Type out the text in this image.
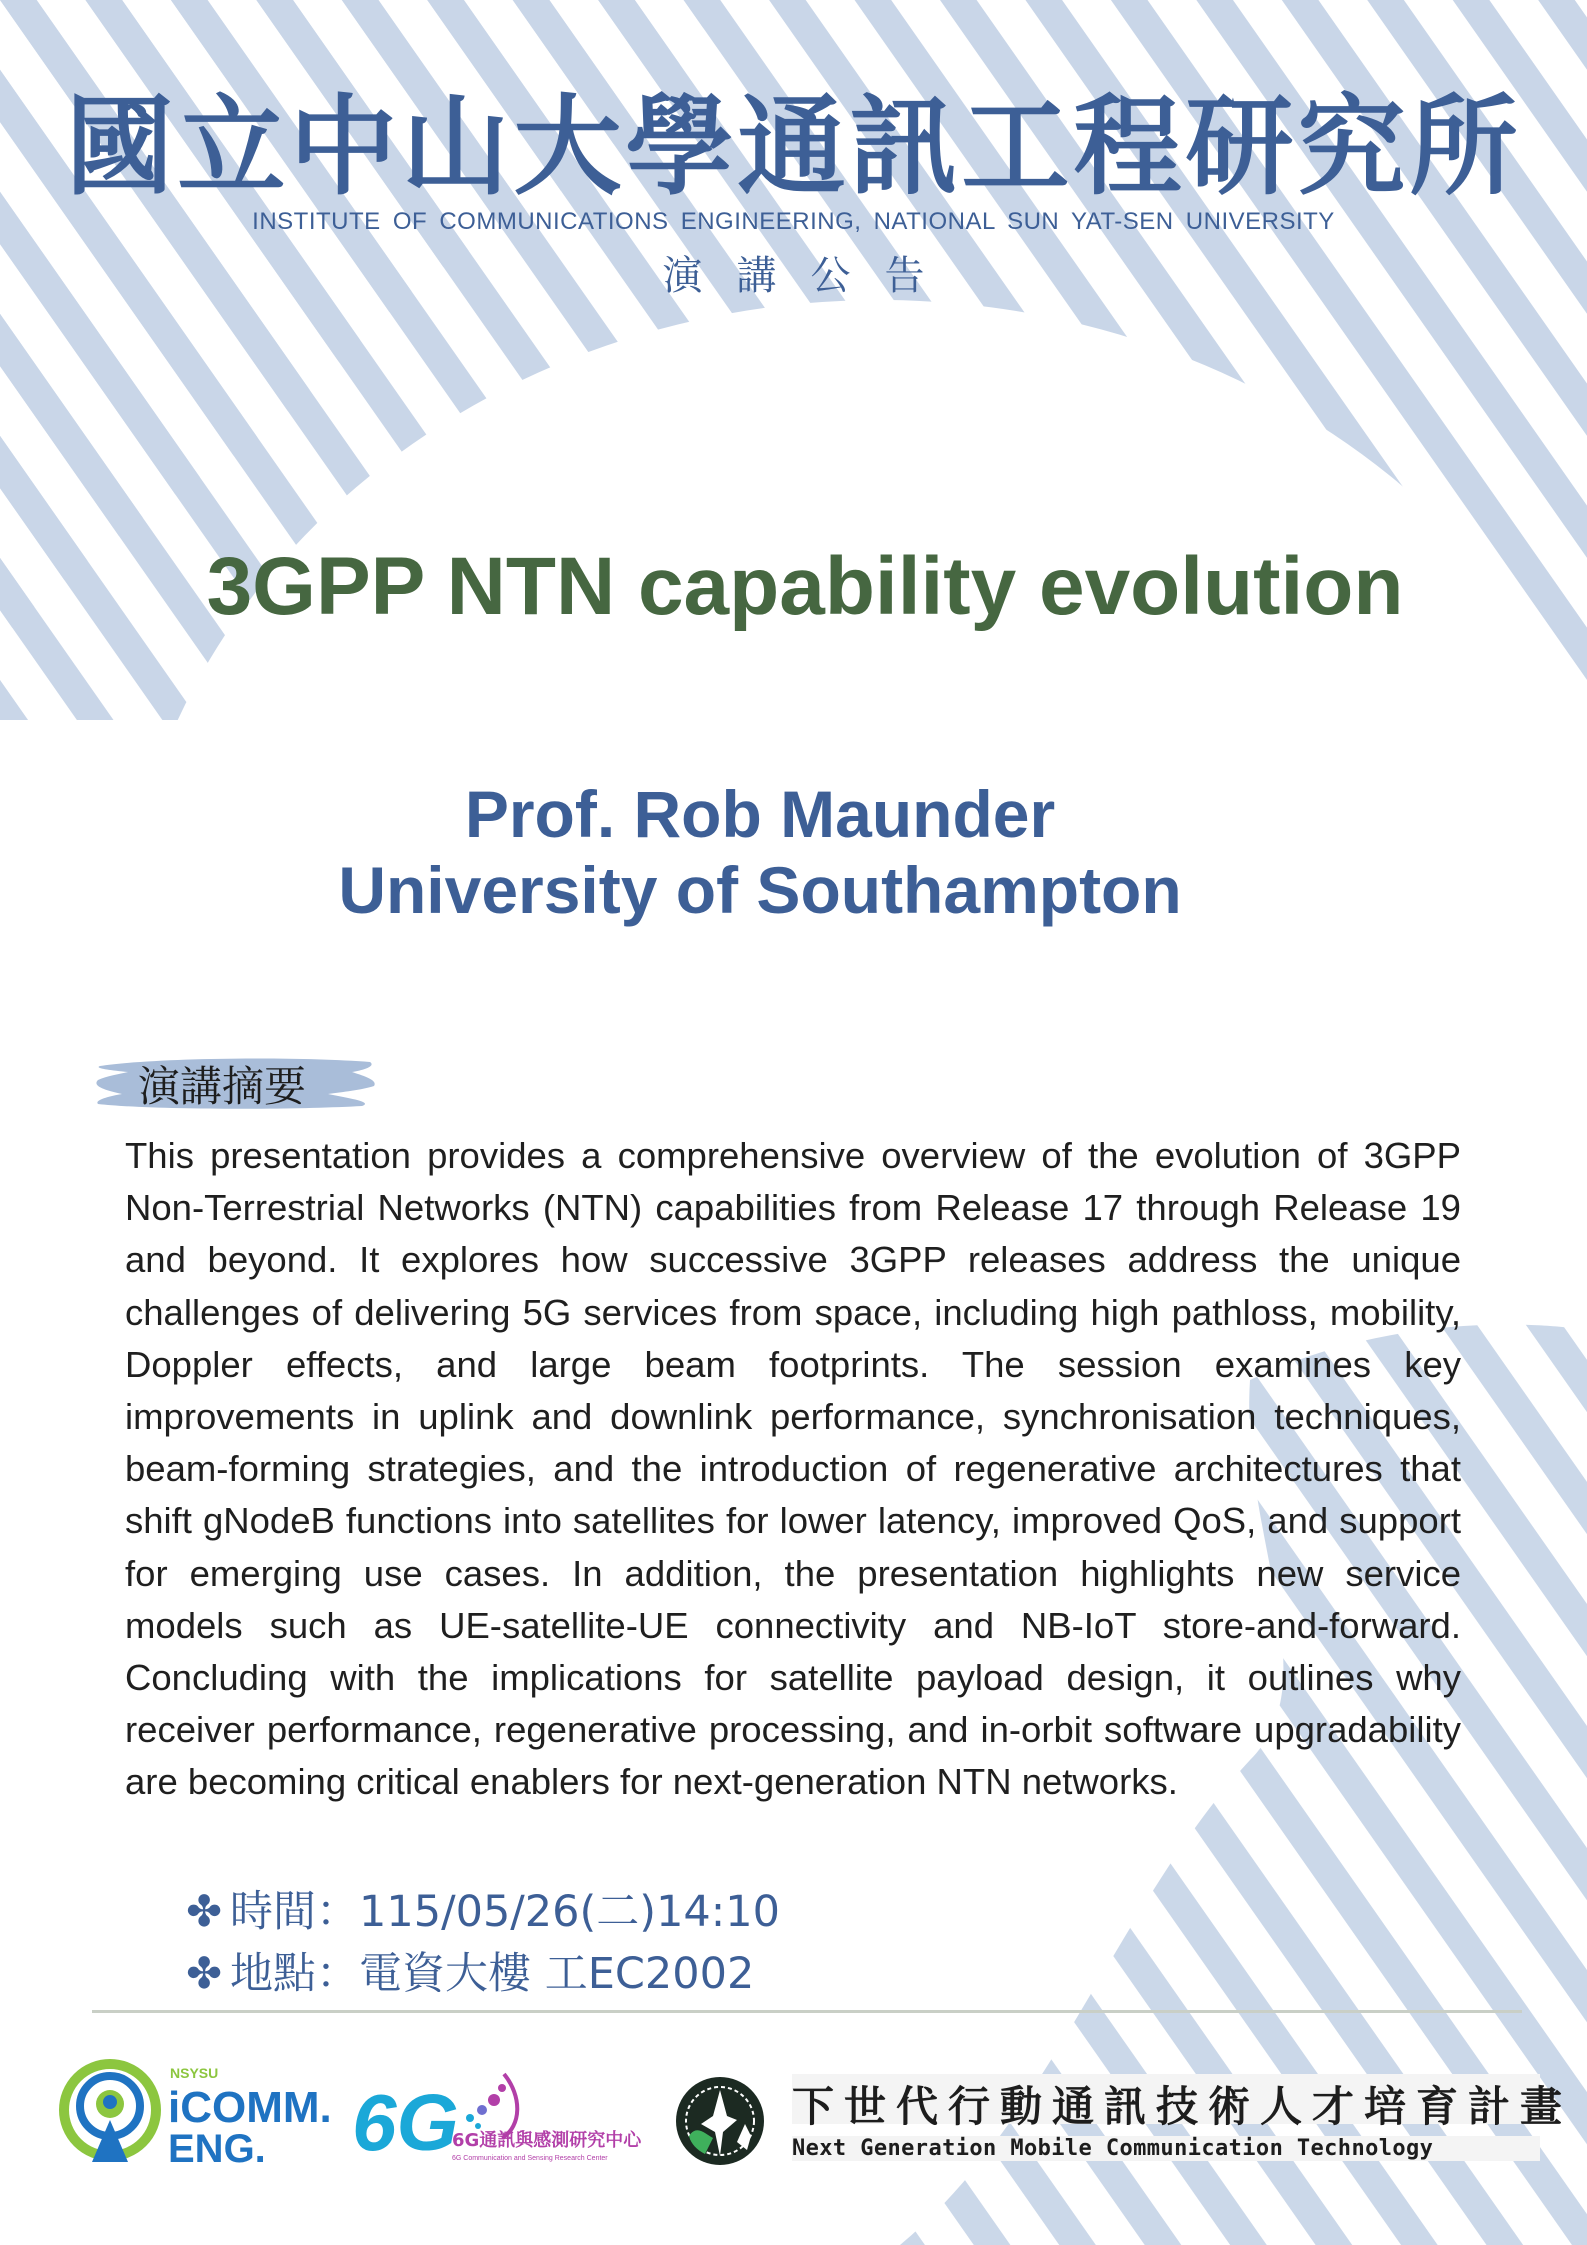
國立中山大學通訊工程研究所
INSTITUTE OF COMMUNICATIONS ENGINEERING, NATIONAL SUN YAT-SEN UNIVERSITY
演講公告
3GPP NTN capability evolution
Prof. Rob Maunder
University of Southampton
演講摘要

This presentation provides a comprehensive overview of the evolution of 3GPP Non-Terrestrial Networks (NTN) capabilities from Release 17 through Release 19 and beyond. It explores how successive 3GPP releases address the unique challenges of delivering 5G services from space, including high pathloss, mobility, Doppler effects, and large beam footprints. The session examines key improvements in uplink and downlink performance, synchronisation techniques, beam-forming strategies, and the introduction of regenerative architectures that shift gNodeB functions into satellites for lower latency, improved QoS, and support for emerging use cases. In addition, the presentation highlights new service models such as UE-satellite-UE connectivity and NB-IoT store-and-forward. Concluding with the implications for satellite payload design, it outlines why receiver performance, regenerative processing, and in-orbit software upgradability are becoming critical enablers for next-generation NTN networks.

✤ 時間：115/05/26(二)14:10
✤ 地點：電資大樓 工EC2002
NSYSU
iCOMM.
ENG. 6G
6G通訊與感測研究中心
6G Communication and Sensing Research Center
下世代行動通訊技術人才培育計畫
Next Generation Mobile Communication Technology
